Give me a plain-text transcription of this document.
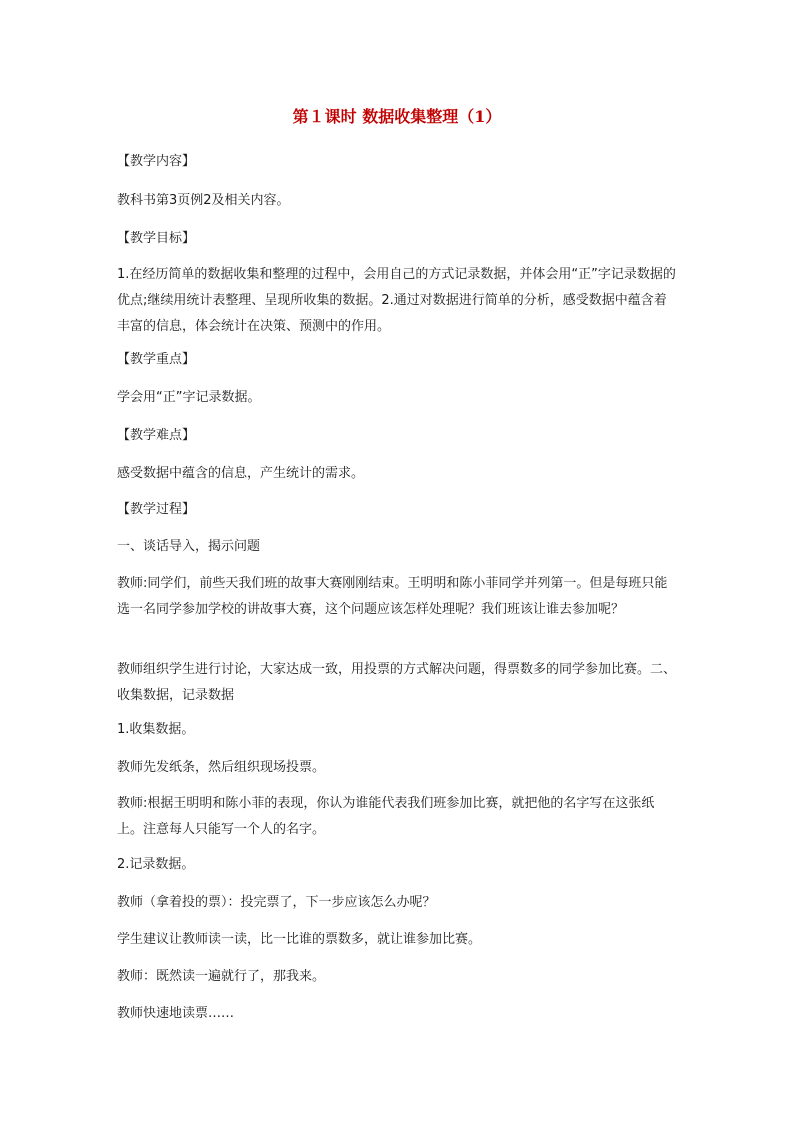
第１课时 数据收集整理（1）

【教学内容】

教科书第3页例2及相关内容。

【教学目标】

1.在经历简单的数据收集和整理的过程中，会用自己的方式记录数据，并体会用“正”字记录数据的优点;继续用统计表整理、呈现所收集的数据。2.通过对数据进行简单的分析，感受数据中蕴含着丰富的信息，体会统计在决策、预测中的作用。

【教学重点】

学会用“正”字记录数据。

【教学难点】

感受数据中蕴含的信息，产生统计的需求。

【教学过程】

一、谈话导入，揭示问题

教师:同学们，前些天我们班的故事大赛刚刚结束。王明明和陈小菲同学并列第一。但是每班只能选一名同学参加学校的讲故事大赛，这个问题应该怎样处理呢？我们班该让谁去参加呢？

教师组织学生进行讨论，大家达成一致，用投票的方式解决问题，得票数多的同学参加比赛。二、收集数据，记录数据

1.收集数据。

教师先发纸条，然后组织现场投票。

教师:根据王明明和陈小菲的表现，你认为谁能代表我们班参加比赛，就把他的名字写在这张纸上。注意每人只能写一个人的名字。

2.记录数据。

教师（拿着投的票）：投完票了，下一步应该怎么办呢？

学生建议让教师读一读，比一比谁的票数多，就让谁参加比赛。

教师：既然读一遍就行了，那我来。

教师快速地读票……
